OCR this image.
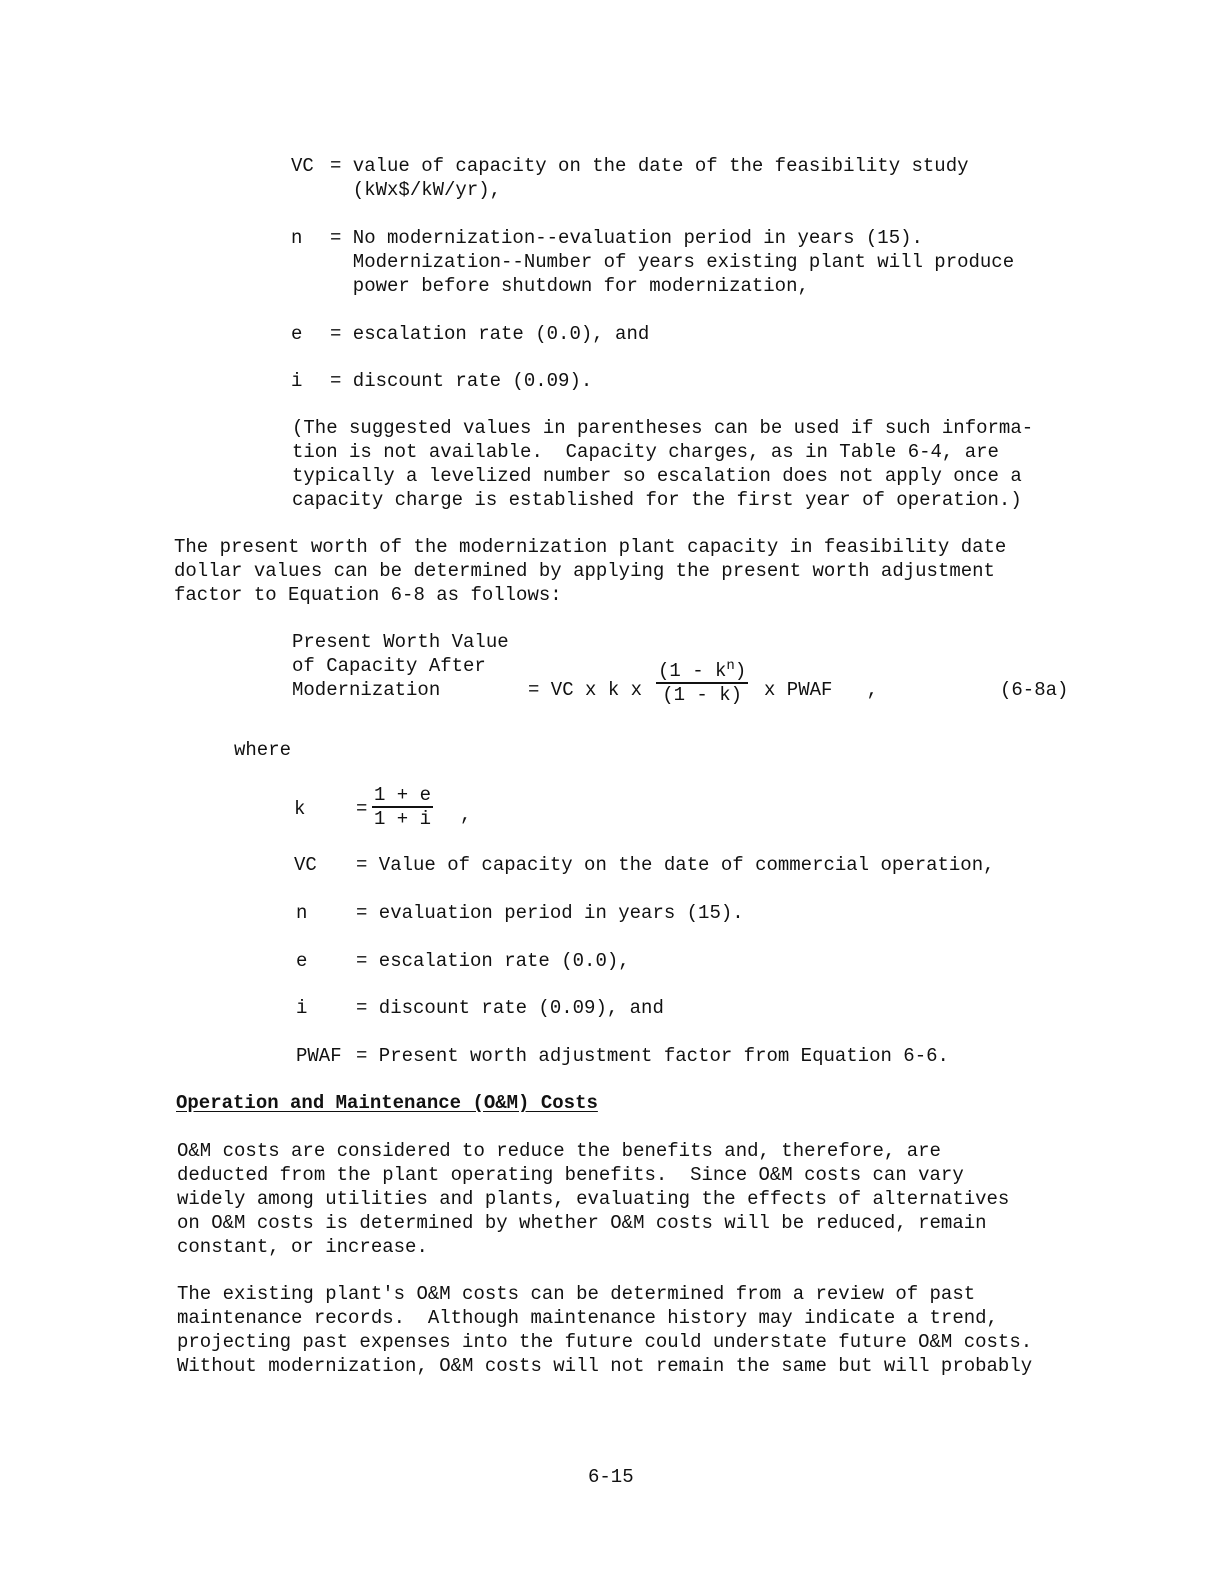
VC = value of capacity on the date of the feasibility study
(kWx$/kW/yr),
n = No modernization--evaluation period in years (15).
Modernization--Number of years existing plant will produce
power before shutdown for modernization,
e = escalation rate (0.0), and
i = discount rate (0.09).
(The suggested values in parentheses can be used if such informa-
tion is not available.  Capacity charges, as in Table 6-4, are
typically a levelized number so escalation does not apply once a
capacity charge is established for the first year of operation.)
The present worth of the modernization plant capacity in feasibility date
dollar values can be determined by applying the present worth adjustment
factor to Equation 6-8 as follows:
Present Worth Value
of Capacity After
Modernization	= VC x k x $\frac{(1 - k^n)}{(1 - k)}$ x PWAF   ,	(6-8a)
where
k	= $\frac{1 + e}{1 + i}$ ,
VC = Value of capacity on the date of commercial operation,
n	= evaluation period in years (15).
e	= escalation rate (0.0),
i	= discount rate (0.09), and
PWAF = Present worth adjustment factor from Equation 6-6.
Operation and Maintenance (O&M) Costs
O&M costs are considered to reduce the benefits and, therefore, are
deducted from the plant operating benefits.  Since O&M costs can vary
widely among utilities and plants, evaluating the effects of alternatives
on O&M costs is determined by whether O&M costs will be reduced, remain
constant, or increase.
The existing plant's O&M costs can be determined from a review of past
maintenance records.  Although maintenance history may indicate a trend,
projecting past expenses into the future could understate future O&M costs.
Without modernization, O&M costs will not remain the same but will probably
6-15
